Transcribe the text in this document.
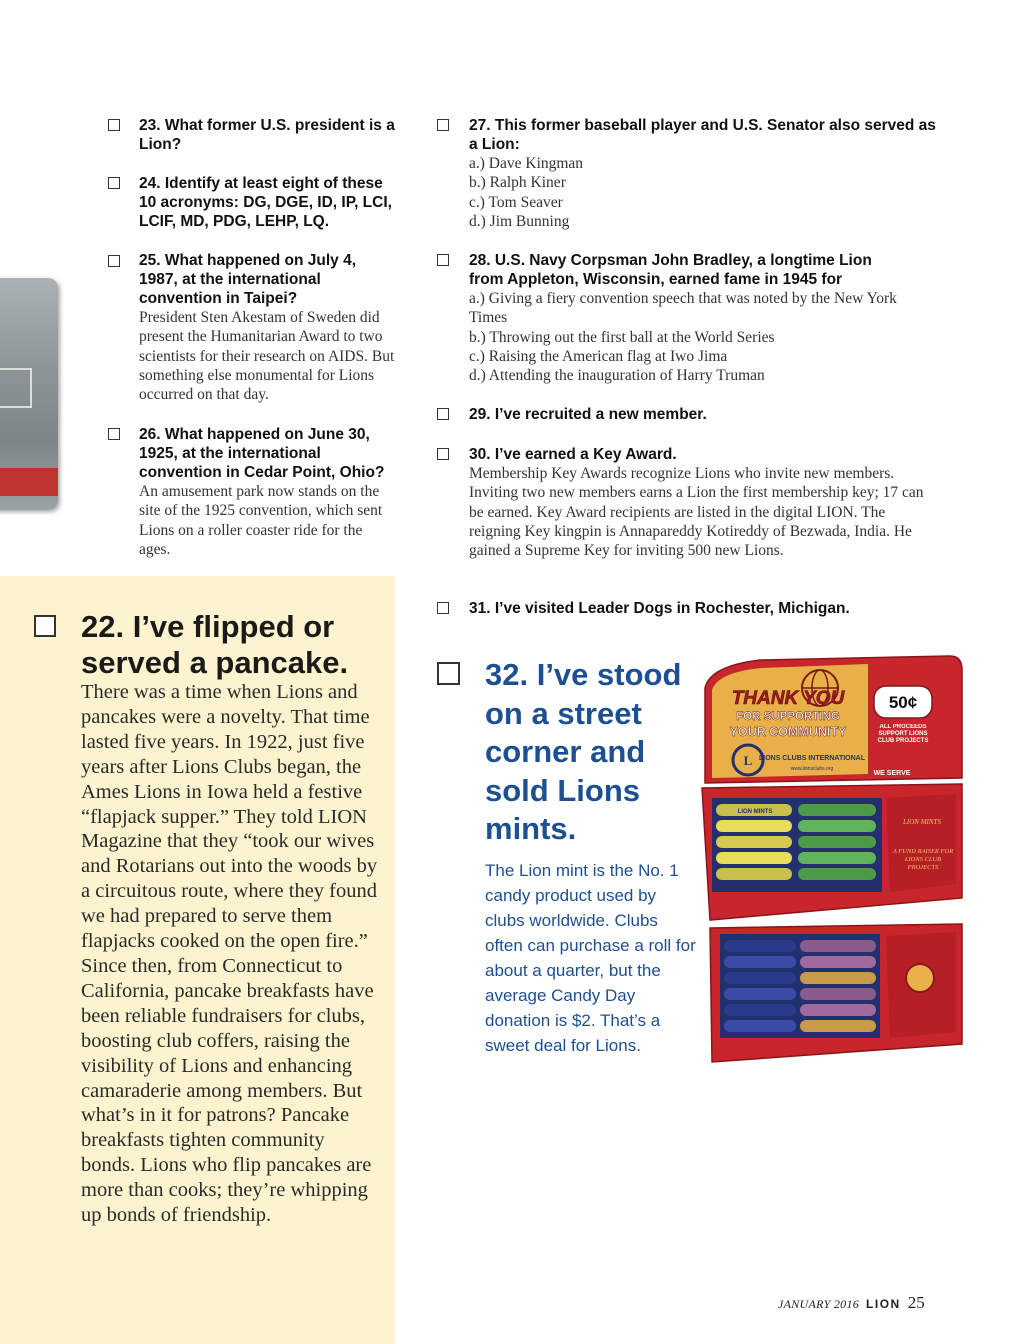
23. What former U.S. president is a Lion?
24. Identify at least eight of these 10 acronyms: DG, DGE, ID, IP, LCI, LCIF, MD, PDG, LEHP, LQ.
25. What happened on July 4, 1987, at the international convention in Taipei?
President Sten Akestam of Sweden did present the Humanitarian Award to two scientists for their research on AIDS. But something else monumental for Lions occurred on that day.
26. What happened on June 30, 1925, at the international convention in Cedar Point, Ohio?
An amusement park now stands on the site of the 1925 convention, which sent Lions on a roller coaster ride for the ages.
22. I’ve flipped or served a pancake.
There was a time when Lions and pancakes were a novelty. That time lasted five years. In 1922, just five years after Lions Clubs began, the Ames Lions in Iowa held a festive “flapjack supper.” They told LION Magazine that they “took our wives and Rotarians out into the woods by a circuitous route, where they found we had prepared to serve them flapjacks cooked on the open fire.” Since then, from Connecticut to California, pancake breakfasts have been reliable fundraisers for clubs, boosting club coffers, raising the visibility of Lions and enhancing camaraderie among members. But what’s in it for patrons? Pancake breakfasts tighten community bonds. Lions who flip pancakes are more than cooks; they’re whipping up bonds of friendship.
27. This former baseball player and U.S. Senator also served as a Lion:
a.) Dave Kingman
b.) Ralph Kiner
c.) Tom Seaver
d.) Jim Bunning
28. U.S. Navy Corpsman John Bradley, a longtime Lion from Appleton, Wisconsin, earned fame in 1945 for
a.) Giving a fiery convention speech that was noted by the New York Times
b.) Throwing out the first ball at the World Series
c.) Raising the American flag at Iwo Jima
d.) Attending the inauguration of Harry Truman
29. I’ve recruited a new member.
30. I’ve earned a Key Award.
Membership Key Awards recognize Lions who invite new members. Inviting two new members earns a Lion the first membership key; 17 can be earned. Key Award recipients are listed in the digital LION. The reigning Key kingpin is Annapareddy Kotireddy of Bezwada, India. He gained a Supreme Key for inviting 500 new Lions.
31. I’ve visited Leader Dogs in Rochester, Michigan.
32. I’ve stood on a street corner and sold Lions mints.
The Lion mint is the No. 1 candy product used by clubs worldwide. Clubs often can purchase a roll for about a quarter, but the average Candy Day donation is $2. That’s a sweet deal for Lions.
THANK YOU
FOR SUPPORTING
YOUR COMMUNITY
L LIONS CLUBS INTERNATIONAL
www.lionsclubs.org
50¢
ALL PROCEEDS SUPPORT LIONS CLUB PROJECTS
WE SERVE
LION MINTS
LION MINTS
A FUND RAISER FOR LIONS CLUB PROJECTS
JANUARY 2016 LION 25
